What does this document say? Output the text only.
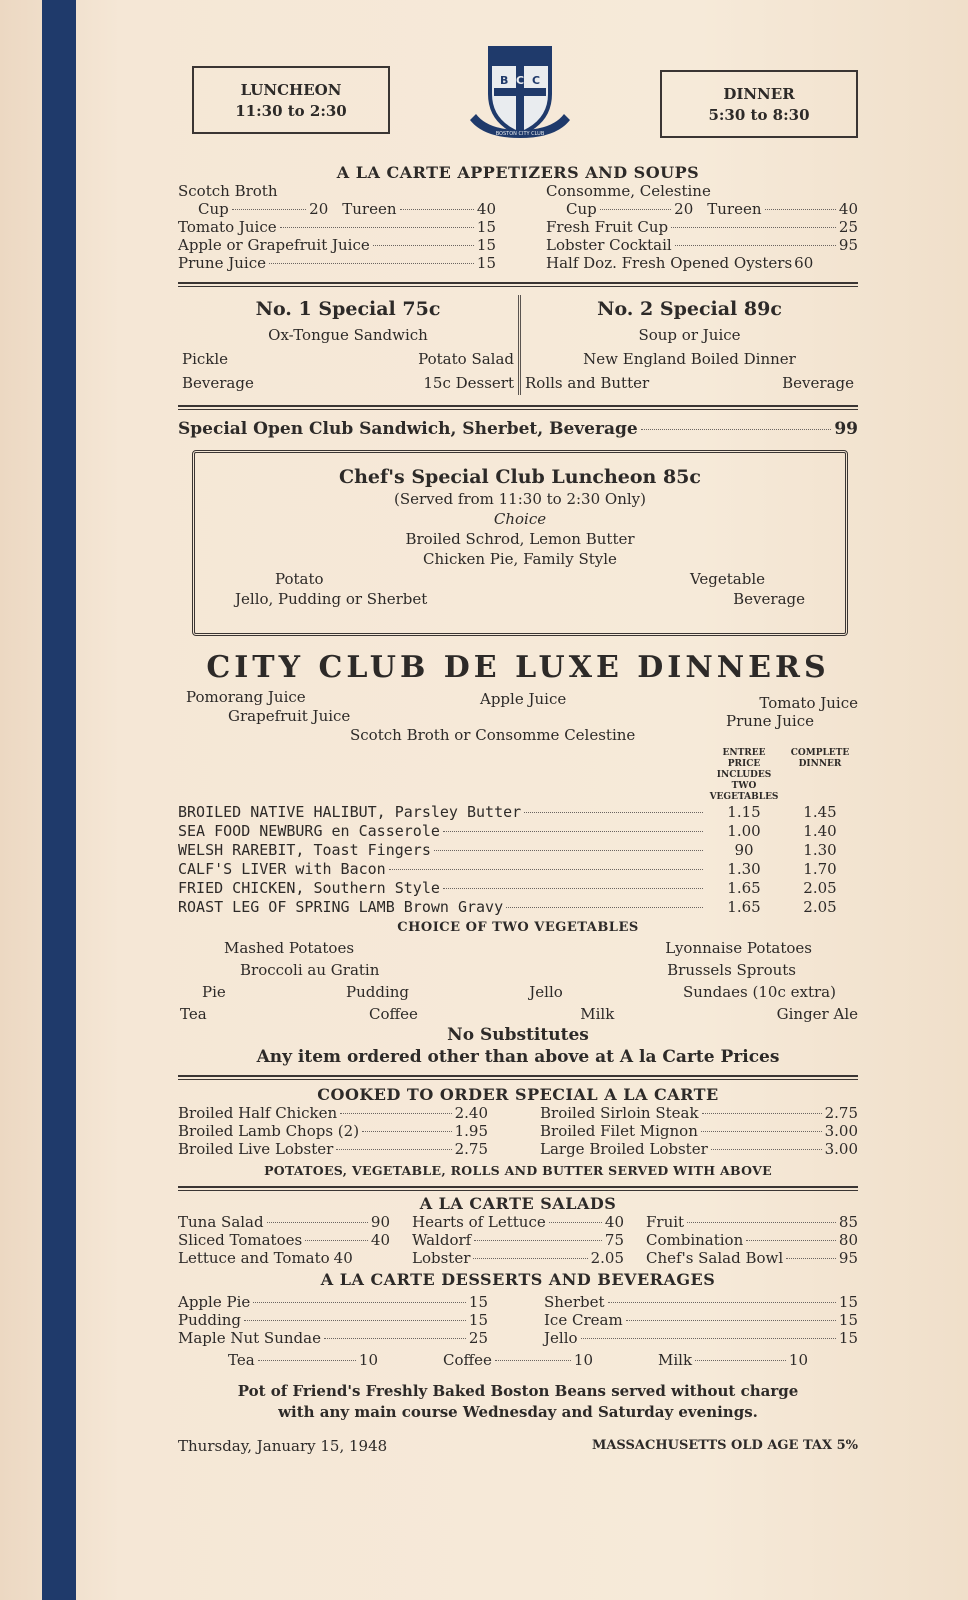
LUNCHEON
11:30 to 2:30
B C C
BOSTON CITY CLUB
DINNER
5:30 to 8:30
A LA CARTE APPETIZERS AND SOUPS
Scotch Broth
Cup	20 Tureen	40
Tomato Juice	15
Apple or Grapefruit Juice	15
Prune Juice	15
Consomme, Celestine
Cup	20 Tureen	40
Fresh Fruit Cup	25
Lobster Cocktail	95
Half Doz. Fresh Opened Oysters 60
No. 1 Special 75c
Ox-Tongue Sandwich
Pickle	Potato Salad
Beverage	15c Dessert
No. 2 Special 89c
Soup or Juice
New England Boiled Dinner
Rolls and Butter	Beverage
Special Open Club Sandwich, Sherbet, Beverage	99
Chef's Special Club Luncheon 85c
(Served from 11:30 to 2:30 Only)
Choice
Broiled Schrod, Lemon Butter
Chicken Pie, Family Style
Potato	Vegetable
Jello, Pudding or Sherbet	Beverage
CITY CLUB DE LUXE DINNERS
Pomorang Juice	Apple Juice	Tomato Juice
Grapefruit Juice	Prune Juice
Scotch Broth or Consomme Celestine
ENTREE PRICE INCLUDES TWO VEGETABLES
COMPLETE DINNER
BROILED NATIVE HALIBUT, Parsley Butter	1.15	1.45
SEA FOOD NEWBURG en Casserole	1.00	1.40
WELSH RAREBIT, Toast Fingers	90	1.30
CALF'S LIVER with Bacon	1.30	1.70
FRIED CHICKEN, Southern Style	1.65	2.05
ROAST LEG OF SPRING LAMB Brown Gravy	1.65	2.05
CHOICE OF TWO VEGETABLES
Mashed Potatoes	Lyonnaise Potatoes
Broccoli au Gratin	Brussels Sprouts
Pie	Pudding	Jello	Sundaes (10c extra)
Tea	Coffee	Milk	Ginger Ale
No Substitutes
Any item ordered other than above at A la Carte Prices
COOKED TO ORDER SPECIAL A LA CARTE
Broiled Half Chicken	2.40
Broiled Lamb Chops (2)	1.95
Broiled Live Lobster	2.75
Broiled Sirloin Steak	2.75
Broiled Filet Mignon	3.00
Large Broiled Lobster	3.00
POTATOES, VEGETABLE, ROLLS AND BUTTER SERVED WITH ABOVE
A LA CARTE SALADS
Tuna Salad	90
Sliced Tomatoes	40
Lettuce and Tomato 40
Hearts of Lettuce	40
Waldorf	75
Lobster	2.05
Fruit	85
Combination	80
Chef's Salad Bowl	95
A LA CARTE DESSERTS AND BEVERAGES
Apple Pie	15
Pudding	15
Maple Nut Sundae	25
Sherbet	15
Ice Cream	15
Jello	15
Tea	10	Coffee	10	Milk	10
Pot of Friend's Freshly Baked Boston Beans served without charge
with any main course Wednesday and Saturday evenings.
Thursday, January 15, 1948	MASSACHUSETTS OLD AGE TAX 5%
